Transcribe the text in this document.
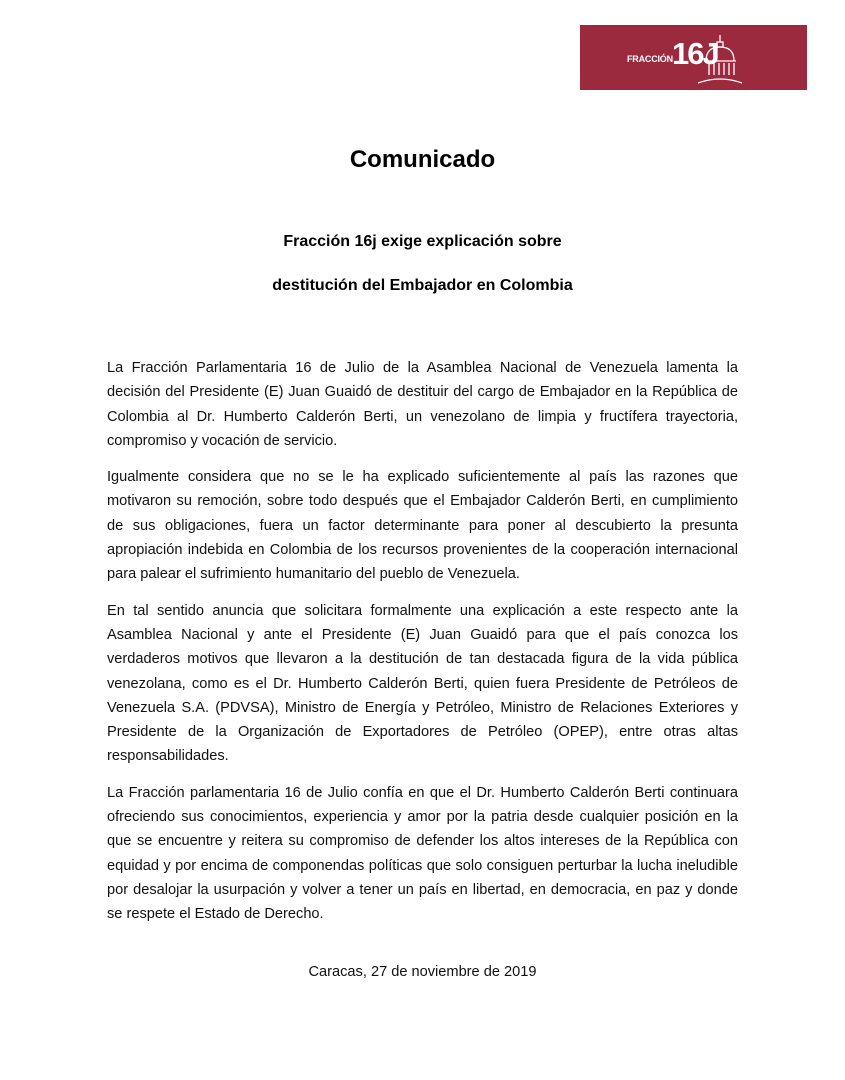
FRACCIÓN 16J
Comunicado
Fracción 16j exige explicación sobre
destitución del Embajador en Colombia

La Fracción Parlamentaria 16 de Julio de la Asamblea Nacional de Venezuela lamenta la decisión del Presidente (E) Juan Guaidó de destituir del cargo de Embajador en la República de Colombia al Dr. Humberto Calderón Berti, un venezolano de limpia y fructífera trayectoria, compromiso y vocación de servicio.

Igualmente considera que no se le ha explicado suficientemente al país las razones que motivaron su remoción, sobre todo después que el Embajador Calderón Berti, en cumplimiento de sus obligaciones, fuera un factor determinante para poner al descubierto la presunta apropiación indebida en Colombia de los recursos provenientes de la cooperación internacional para palear el sufrimiento humanitario del pueblo de Venezuela.

En tal sentido anuncia que solicitara formalmente una explicación a este respecto ante la Asamblea Nacional y ante el Presidente (E) Juan Guaidó para que el país conozca los verdaderos motivos que llevaron a la destitución de tan destacada figura de la vida pública venezolana, como es el Dr. Humberto Calderón Berti, quien fuera Presidente de Petróleos de Venezuela S.A. (PDVSA), Ministro de Energía y Petróleo, Ministro de Relaciones Exteriores y Presidente de la Organización de Exportadores de Petróleo (OPEP), entre otras altas responsabilidades.

La Fracción parlamentaria 16 de Julio confía en que el Dr. Humberto Calderón Berti continuara ofreciendo sus conocimientos, experiencia y amor por la patria desde cualquier posición en la que se encuentre y reitera su compromiso de defender los altos intereses de la República con equidad y por encima de componendas políticas que solo consiguen perturbar la lucha ineludible por desalojar la usurpación y volver a tener un país en libertad, en democracia, en paz y donde se respete el Estado de Derecho.

Caracas, 27 de noviembre de 2019
